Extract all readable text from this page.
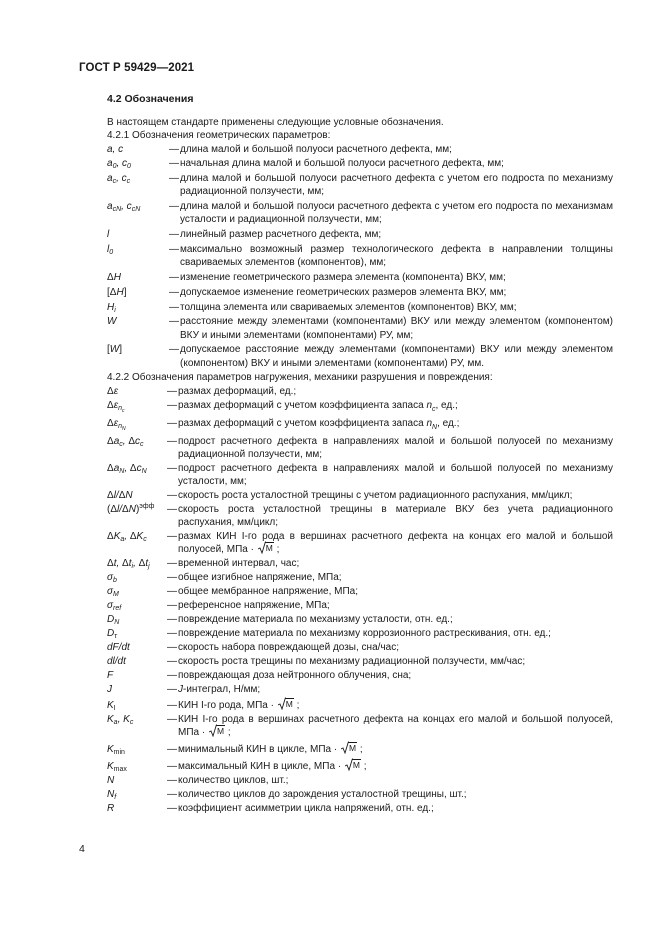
ГОСТ Р 59429—2021
4.2 Обозначения

В настоящем стандарте применены следующие условные обозначения.

4.2.1 Обозначения геометрических параметров:

a, c	— длина малой и большой полуоси расчетного дефекта, мм;
$a_0$, $c_0$	— начальная длина малой и большой полуоси расчетного дефекта, мм;
$a_c$, $c_c$	— длина малой и большой полуоси расчетного дефекта с учетом его подроста по механизму радиационной ползучести, мм;
$a_{cN}$, $c_{cN}$	— длина малой и большой полуоси расчетного дефекта с учетом его подроста по механизмам усталости и радиационной ползучести, мм;
l	— линейный размер расчетного дефекта, мм;
$l_0$	— максимально возможный размер технологического дефекта в направлении толщины свариваемых элементов (компонентов), мм;
ΔH	— изменение геометрического размера элемента (компонента) ВКУ, мм;
[ΔH]	— допускаемое изменение геометрических размеров элемента ВКУ, мм;
$H_i$	— толщина элемента или свариваемых элементов (компонентов) ВКУ, мм;
W	— расстояние между элементами (компонентами) ВКУ или между элементом (компонентом) ВКУ и иными элементами (компонентами) РУ, мм;
[W]	— допускаемое расстояние между элементами (компонентами) ВКУ или между элементом (компонентом) ВКУ и иными элементами (компонентами) РУ, мм.

4.2.2 Обозначения параметров нагружения, механики разрушения и повреждения:

Δε	— размах деформаций, ед.;
$\Delta\varepsilon_{n_c}$	— размах деформаций с учетом коэффициента запаса $n_c$, ед.;
$\Delta\varepsilon_{n_N}$	— размах деформаций с учетом коэффициента запаса $n_N$, ед.;
$\Delta a_c$, $\Delta c_c$	— подрост расчетного дефекта в направлениях малой и большой полуосей по механизму радиационной ползучести, мм;
$\Delta a_N$, $\Delta c_N$	— подрост расчетного дефекта в направлениях малой и большой полуосей по механизму усталости, мм;
Δl/ΔN	— скорость роста усталостной трещины с учетом радиационного распухания, мм/цикл;
$(\Delta l/\Delta N)^{эфф}$	— скорость роста усталостной трещины в материале ВКУ без учета радиационного распухания, мм/цикл;
$\Delta K_a$, $\Delta K_c$	— размах КИН I-го рода в вершинах расчетного дефекта на концах его малой и большой полуосей, МПа · М ;
Δt, $\Delta t_i$, $\Delta t_j$	— временной интервал, час;
$\sigma_b$	— общее изгибное напряжение, МПа;
$\sigma_M$	— общее мембранное напряжение, МПа;
$\sigma_{ref}$	— референсное напряжение, МПа;
$D_N$	— повреждение материала по механизму усталости, отн. ед.;
$D_\tau$	— повреждение материала по механизму коррозионного растрескивания, отн. ед.;
dF/dt	— скорость набора повреждающей дозы, сна/час;
dl/dt	— скорость роста трещины по механизму радиационной ползучести, мм/час;
F	— повреждающая доза нейтронного облучения, сна;
J	— J-интеграл, Н/мм;
$K_I$	— КИН I-го рода, МПа · М ;
$K_a$, $K_c$	— КИН I-го рода в вершинах расчетного дефекта на концах его малой и большой полуосей, МПа · М ;
$K_{min}$	— минимальный КИН в цикле, МПа · М ;
$K_{max}$	— максимальный КИН в цикле, МПа · М ;
N	— количество циклов, шт.;
$N_f$	— количество циклов до зарождения усталостной трещины, шт.;
R	— коэффициент асимметрии цикла напряжений, отн. ед.;
4
